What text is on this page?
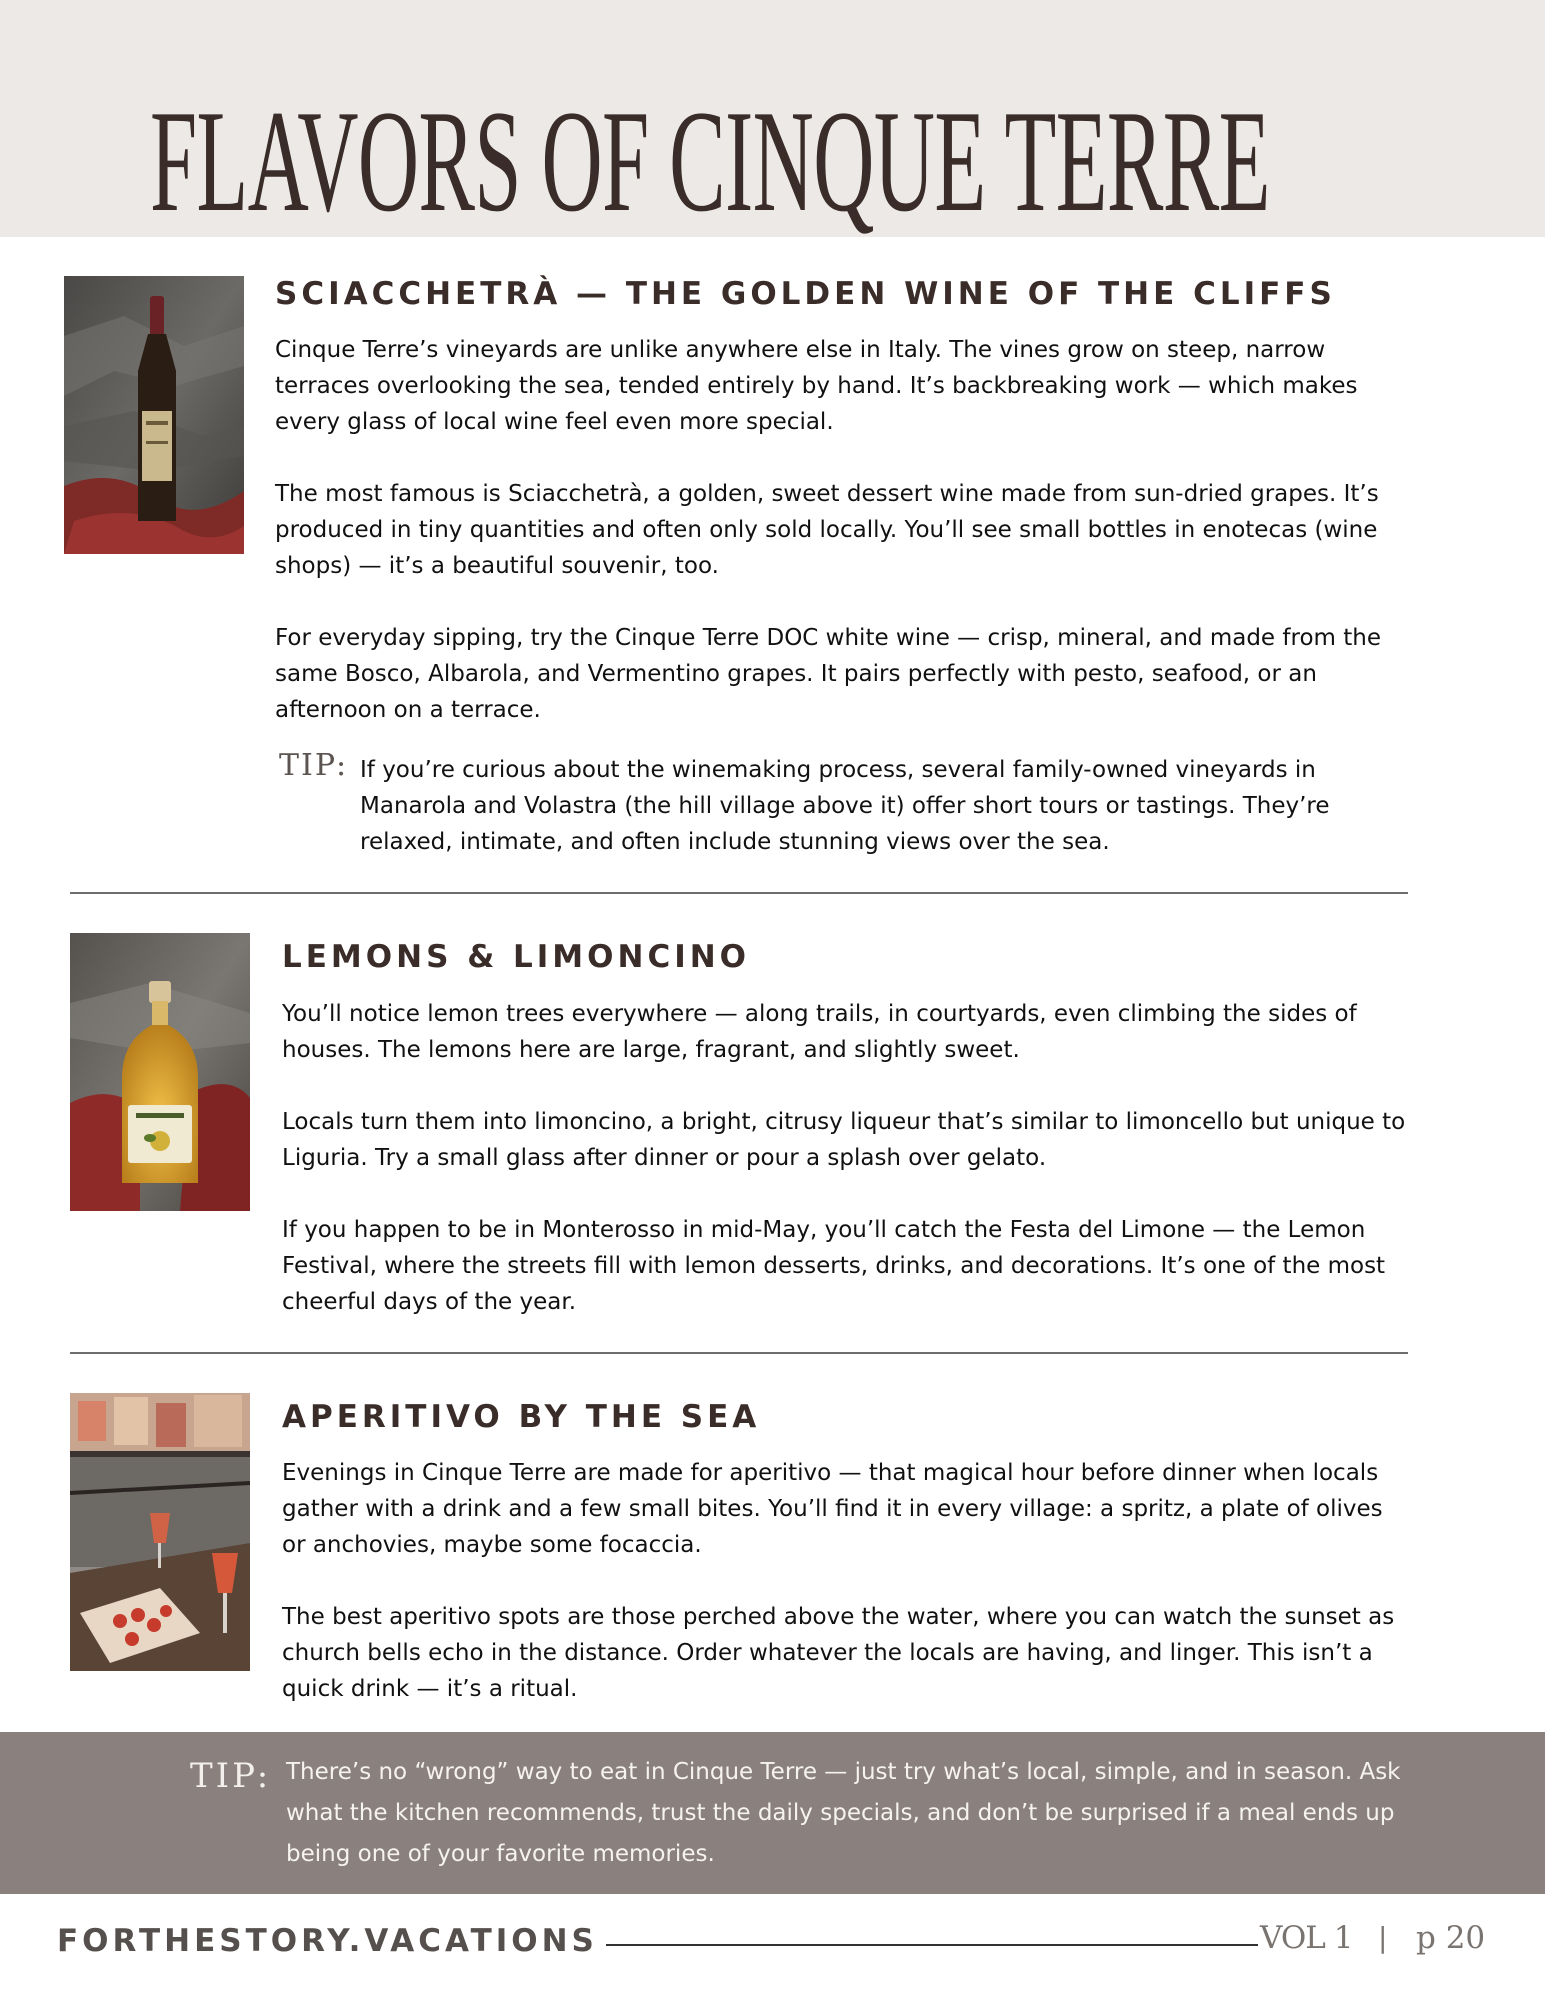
FLAVORS OF CINQUE TERRE
SCIACCHETRÀ — THE GOLDEN WINE OF THE CLIFFS

Cinque Terre’s vineyards are unlike anywhere else in Italy. The vines grow on steep, narrow terraces overlooking the sea, tended entirely by hand. It’s backbreaking work — which makes every glass of local wine feel even more special.

The most famous is Sciacchetrà, a golden, sweet dessert wine made from sun-dried grapes. It’s produced in tiny quantities and often only sold locally. You’ll see small bottles in enotecas (wine shops) — it’s a beautiful souvenir, too.

For everyday sipping, try the Cinque Terre DOC white wine — crisp, mineral, and made from the same Bosco, Albarola, and Vermentino grapes. It pairs perfectly with pesto, seafood, or an afternoon on a terrace.

TIP: If you’re curious about the winemaking process, several family-owned vineyards in Manarola and Volastra (the hill village above it) offer short tours or tastings. They’re relaxed, intimate, and often include stunning views over the sea.

LEMONS & LIMONCINO

You’ll notice lemon trees everywhere — along trails, in courtyards, even climbing the sides of houses. The lemons here are large, fragrant, and slightly sweet.

Locals turn them into limoncino, a bright, citrusy liqueur that’s similar to limoncello but unique to Liguria. Try a small glass after dinner or pour a splash over gelato.

If you happen to be in Monterosso in mid-May, you’ll catch the Festa del Limone — the Lemon Festival, where the streets fill with lemon desserts, drinks, and decorations. It’s one of the most cheerful days of the year.

APERITIVO BY THE SEA

Evenings in Cinque Terre are made for aperitivo — that magical hour before dinner when locals gather with a drink and a few small bites. You’ll find it in every village: a spritz, a plate of olives or anchovies, maybe some focaccia.

The best aperitivo spots are those perched above the water, where you can watch the sunset as church bells echo in the distance. Order whatever the locals are having, and linger. This isn’t a quick drink — it’s a ritual.

TIP: There’s no “wrong” way to eat in Cinque Terre — just try what’s local, simple, and in season. Ask what the kitchen recommends, trust the daily specials, and don’t be surprised if a meal ends up being one of your favorite memories.

FORTHESTORY.VACATIONS	VOL 1 | p 20
